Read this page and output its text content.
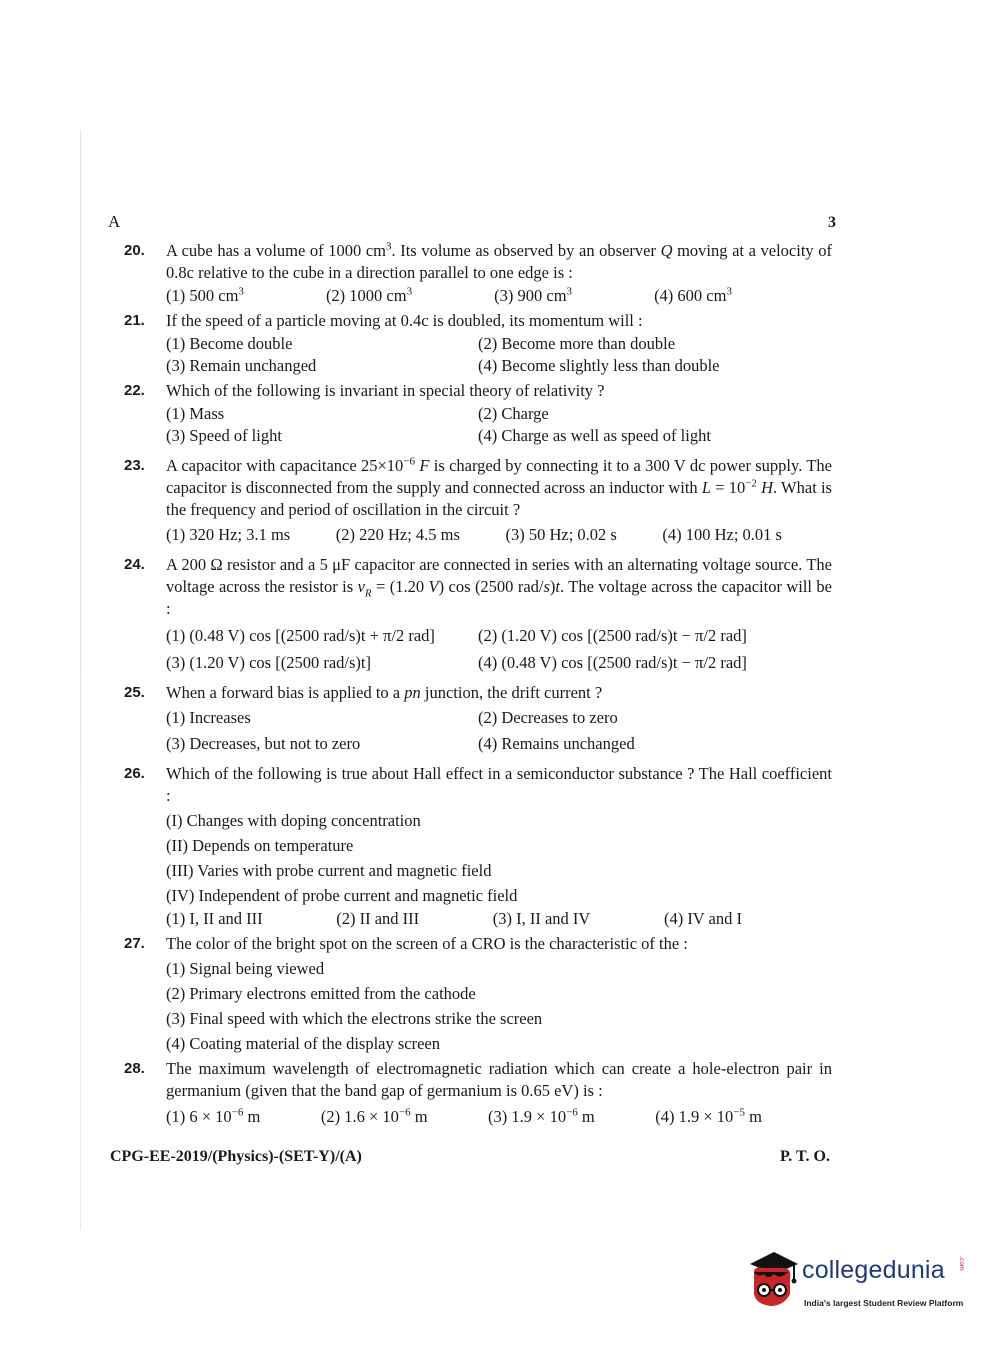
A	3
20. A cube has a volume of 1000 $cm^3$. Its volume as observed by an observer Q moving at a velocity of 0.8c relative to the cube in a direction parallel to one edge is :
(1) 500 $cm^3$	(2) 1000 $cm^3$	(3) 900 $cm^3$	(4) 600 $cm^3$
21. If the speed of a particle moving at 0.4c is doubled, its momentum will :
(1) Become double	(2) Become more than double
(3) Remain unchanged	(4) Become slightly less than double
22. Which of the following is invariant in special theory of relativity ?
(1) Mass	(2) Charge
(3) Speed of light	(4) Charge as well as speed of light
23. A capacitor with capacitance $25\times 10^{-6}$ F is charged by connecting it to a 300 V dc power supply. The capacitor is disconnected from the supply and connected across an inductor with $L = 10^{-2}$ H. What is the frequency and period of oscillation in the circuit ?
(1) 320 Hz; 3.1 ms	(2) 220 Hz; 4.5 ms	(3) 50 Hz; 0.02 s	(4) 100 Hz; 0.01 s
24. A 200 Ω resistor and a 5 μF capacitor are connected in series with an alternating voltage source. The voltage across the resistor is $v_R = (1.20$ V) cos (2500 rad/s)t. The voltage across the capacitor will be :
(1) (0.48 V) cos [(2500 rad/s)t + π/2 rad]	(2) (1.20 V) cos [(2500 rad/s)t − π/2 rad]
(3) (1.20 V) cos [(2500 rad/s)t]	(4) (0.48 V) cos [(2500 rad/s)t − π/2 rad]
25. When a forward bias is applied to a pn junction, the drift current ?
(1) Increases	(2) Decreases to zero
(3) Decreases, but not to zero	(4) Remains unchanged
26. Which of the following is true about Hall effect in a semiconductor substance ? The Hall coefficient :
(I) Changes with doping concentration
(II) Depends on temperature
(III) Varies with probe current and magnetic field
(IV) Independent of probe current and magnetic field
(1) I, II and III	(2) II and III	(3) I, II and IV	(4) IV and I
27. The color of the bright spot on the screen of a CRO is the characteristic of the :
(1) Signal being viewed
(2) Primary electrons emitted from the cathode
(3) Final speed with which the electrons strike the screen
(4) Coating material of the display screen
28. The maximum wavelength of electromagnetic radiation which can create a hole-electron pair in germanium (given that the band gap of germanium is 0.65 eV) is :
(1) $6 \times 10^{-6}$ m	(2) $1.6 \times 10^{-6}$ m	(3) $1.9 \times 10^{-6}$ m	(4) $1.9 \times 10^{-5}$ m
CPG-EE-2019/(Physics)-(SET-Y)/(A)	P. T. O.
collegedunia .com
India's largest Student Review Platform
